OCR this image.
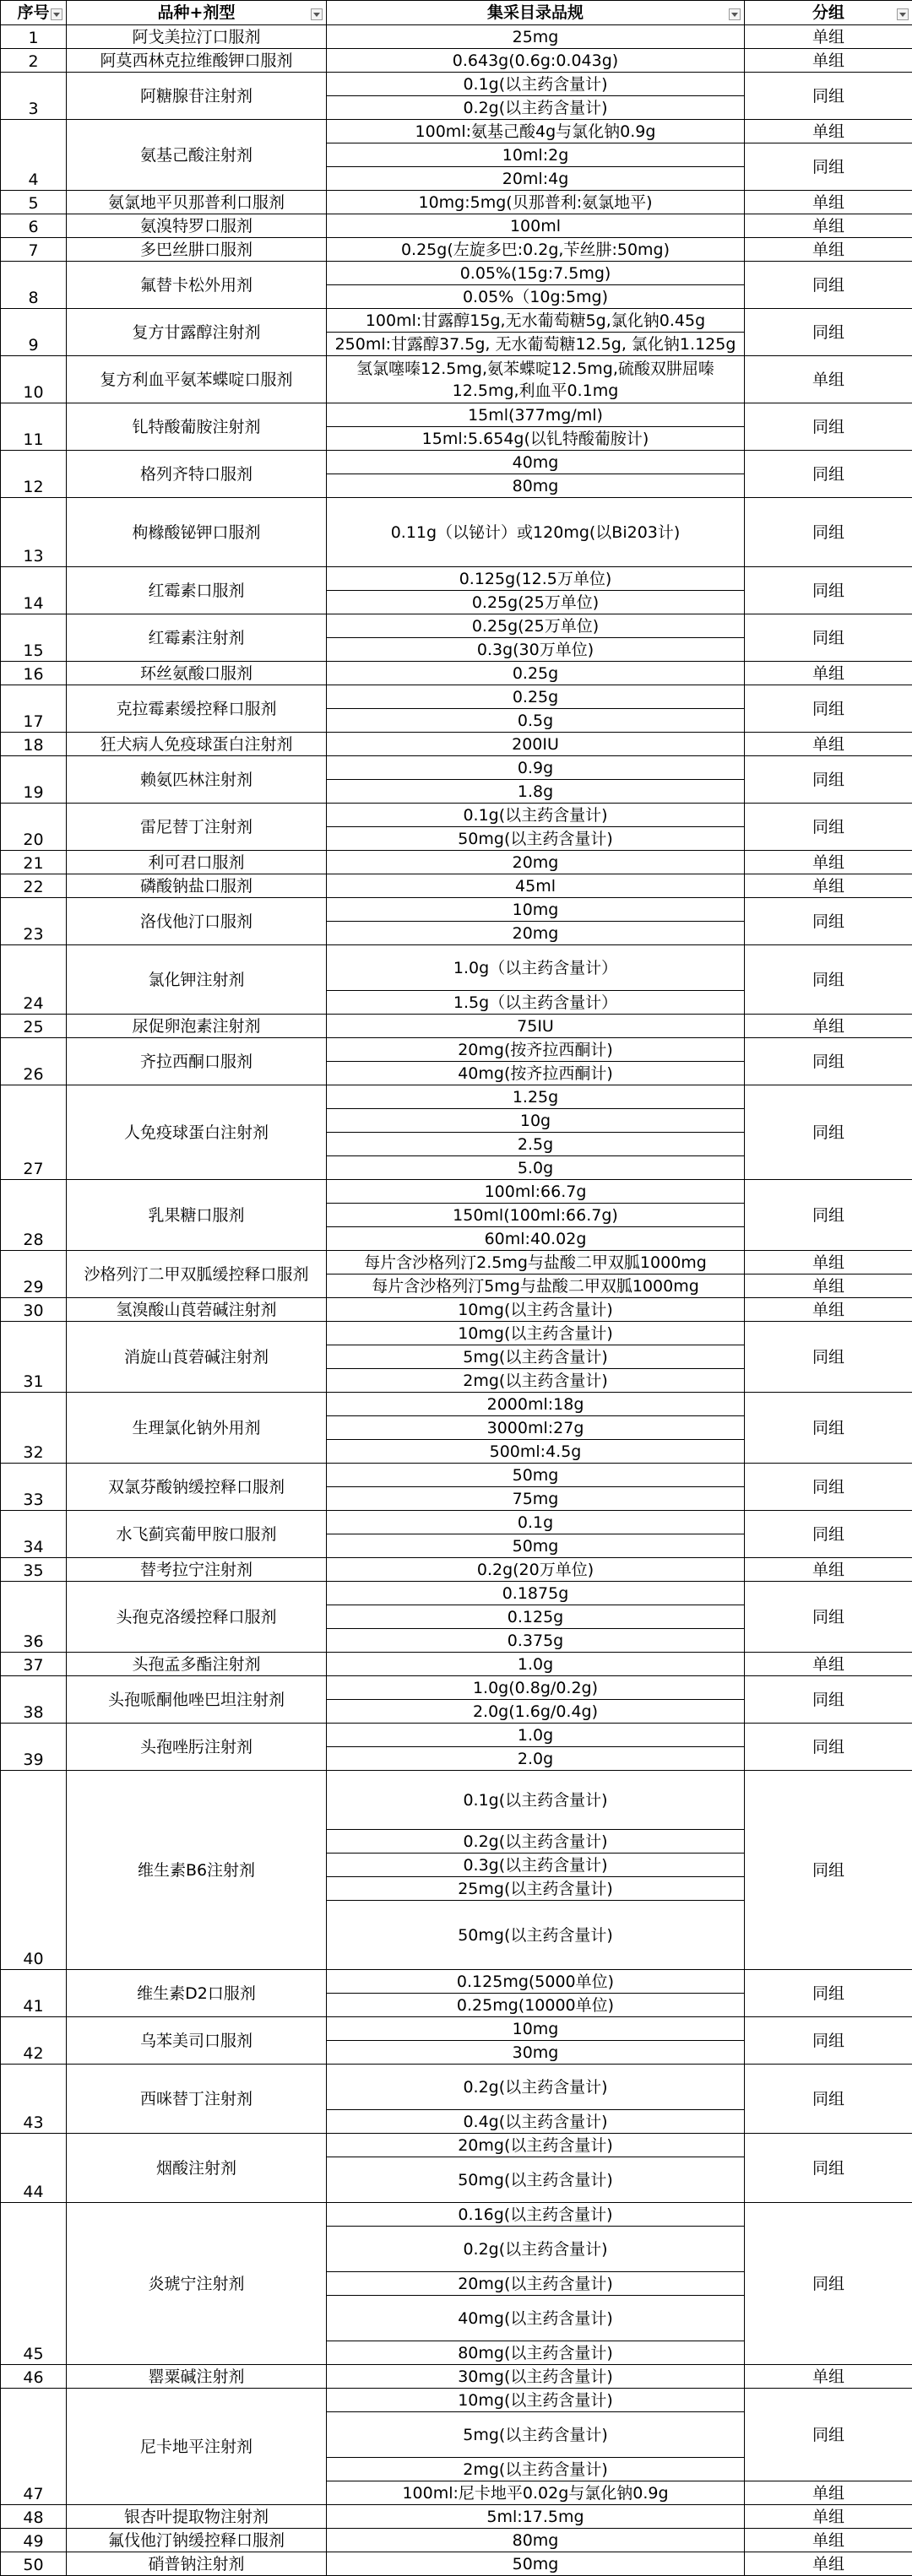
序号	品种+剂型	集采目录品规	分组

1	阿戈美拉汀口服剂	25mg	单组
2	阿莫西林克拉维酸钾口服剂	0.643g(0.6g:0.043g)	单组
3	阿糖腺苷注射剂	0.1g(以主药含量计)	同组
		0.2g(以主药含量计)	
4	氨基己酸注射剂	100ml:氨基己酸4g与氯化钠0.9g	单组
		10ml:2g	同组
		20ml:4g	
5	氨氯地平贝那普利口服剂	10mg:5mg(贝那普利:氨氯地平)	单组
6	氨溴特罗口服剂	100ml	单组
7	多巴丝肼口服剂	0.25g(左旋多巴:0.2g,苄丝肼:50mg)	单组
8	氟替卡松外用剂	0.05%(15g:7.5mg)	同组
		0.05%（10g:5mg)	
9	复方甘露醇注射剂	100ml:甘露醇15g,无水葡萄糖5g,氯化钠0.45g	同组
		250ml:甘露醇37.5g, 无水葡萄糖12.5g, 氯化钠1.125g	
10	复方利血平氨苯蝶啶口服剂	氢氯噻嗪12.5mg,氨苯蝶啶12.5mg,硫酸双肼屈嗪12.5mg,利血平0.1mg	单组
11	钆特酸葡胺注射剂	15ml(377mg/ml)	同组
		15ml:5.654g(以钆特酸葡胺计)	
12	格列齐特口服剂	40mg	同组
		80mg	
13	枸橼酸铋钾口服剂	0.11g（以铋计）或120mg(以Bi203计)	同组
14	红霉素口服剂	0.125g(12.5万单位)	同组
		0.25g(25万单位)	
15	红霉素注射剂	0.25g(25万单位)	同组
		0.3g(30万单位)	
16	环丝氨酸口服剂	0.25g	单组
17	克拉霉素缓控释口服剂	0.25g	同组
		0.5g	
18	狂犬病人免疫球蛋白注射剂	200IU	单组
19	赖氨匹林注射剂	0.9g	同组
		1.8g	
20	雷尼替丁注射剂	0.1g(以主药含量计)	同组
		50mg(以主药含量计)	
21	利可君口服剂	20mg	单组
22	磷酸钠盐口服剂	45ml	单组
23	洛伐他汀口服剂	10mg	同组
		20mg	
24	氯化钾注射剂	1.0g（以主药含量计）	同组
		1.5g（以主药含量计）	
25	尿促卵泡素注射剂	75IU	单组
26	齐拉西酮口服剂	20mg(按齐拉西酮计)	同组
		40mg(按齐拉西酮计)	
27	人免疫球蛋白注射剂	1.25g	同组
		10g	
		2.5g	
		5.0g	
28	乳果糖口服剂	100ml:66.7g	同组
		150ml(100ml:66.7g)	
		60ml:40.02g	
29	沙格列汀二甲双胍缓控释口服剂	每片含沙格列汀2.5mg与盐酸二甲双胍1000mg	单组
		每片含沙格列汀5mg与盐酸二甲双胍1000mg	单组
30	氢溴酸山莨菪碱注射剂	10mg(以主药含量计)	单组
31	消旋山莨菪碱注射剂	10mg(以主药含量计)	同组
		5mg(以主药含量计)	
		2mg(以主药含量计)	
32	生理氯化钠外用剂	2000ml:18g	同组
		3000ml:27g	
		500ml:4.5g	
33	双氯芬酸钠缓控释口服剂	50mg	同组
		75mg	
34	水飞蓟宾葡甲胺口服剂	0.1g	同组
		50mg	
35	替考拉宁注射剂	0.2g(20万单位)	单组
36	头孢克洛缓控释口服剂	0.1875g	同组
		0.125g	
		0.375g	
37	头孢孟多酯注射剂	1.0g	单组
38	头孢哌酮他唑巴坦注射剂	1.0g(0.8g/0.2g)	同组
		2.0g(1.6g/0.4g)	
39	头孢唑肟注射剂	1.0g	同组
		2.0g	
40	维生素B6注射剂	0.1g(以主药含量计)	同组
		0.2g(以主药含量计)	
		0.3g(以主药含量计)	
		25mg(以主药含量计)	
		50mg(以主药含量计)	
41	维生素D2口服剂	0.125mg(5000单位)	同组
		0.25mg(10000单位)	
42	乌苯美司口服剂	10mg	同组
		30mg	
43	西咪替丁注射剂	0.2g(以主药含量计)	同组
		0.4g(以主药含量计)	
44	烟酸注射剂	20mg(以主药含量计)	同组
		50mg(以主药含量计)	
45	炎琥宁注射剂	0.16g(以主药含量计)	同组
		0.2g(以主药含量计)	
		20mg(以主药含量计)	
		40mg(以主药含量计)	
		80mg(以主药含量计)	
46	罂粟碱注射剂	30mg(以主药含量计)	单组
47	尼卡地平注射剂	10mg(以主药含量计)	同组
		5mg(以主药含量计)	
		2mg(以主药含量计)	
		100ml:尼卡地平0.02g与氯化钠0.9g	单组
48	银杏叶提取物注射剂	5ml:17.5mg	单组
49	氟伐他汀钠缓控释口服剂	80mg	单组
50	硝普钠注射剂	50mg	单组
